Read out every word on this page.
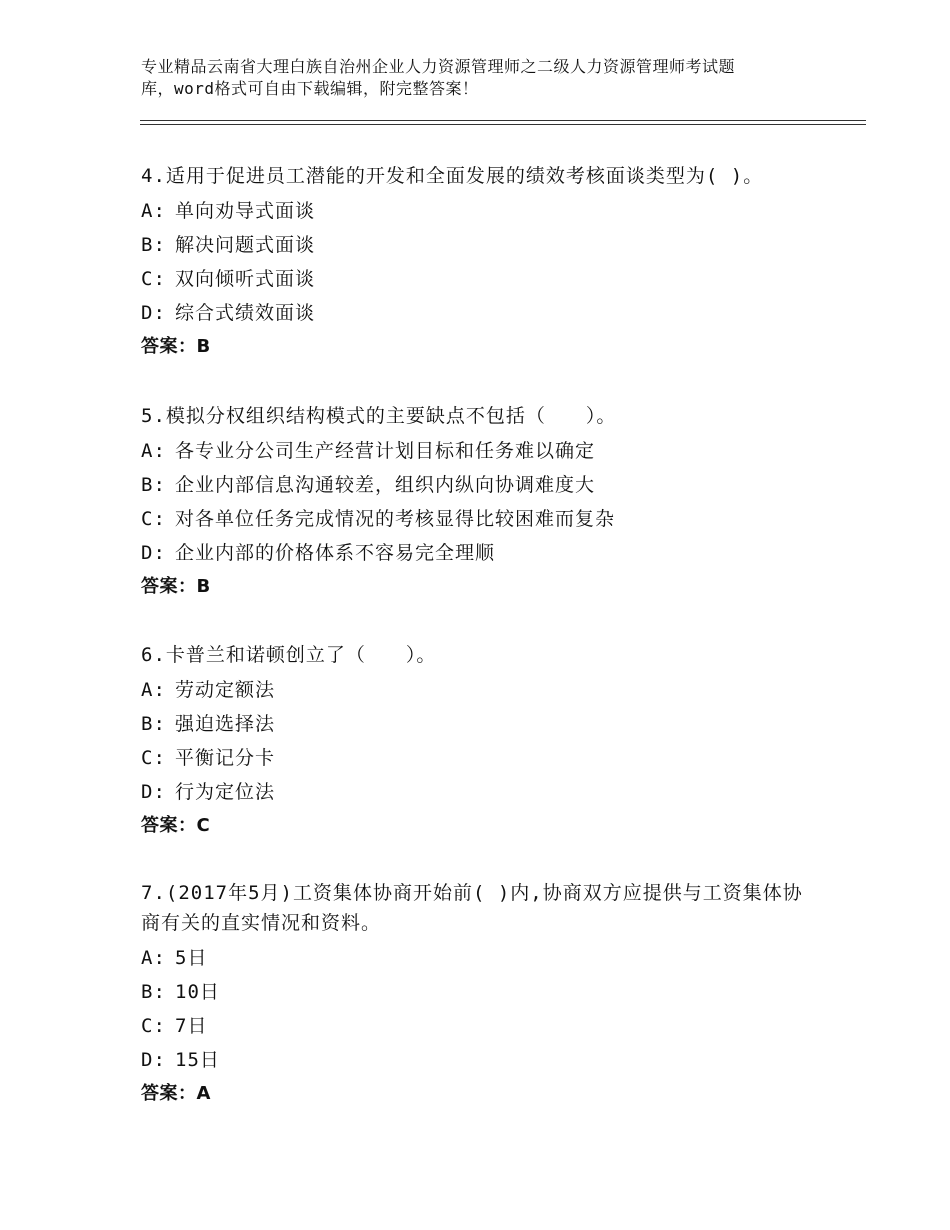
专业精品云南省大理白族自治州企业人力资源管理师之二级人力资源管理师考试题
库，word格式可自由下载编辑，附完整答案！
4.适用于促进员工潜能的开发和全面发展的绩效考核面谈类型为( )。
A: 单向劝导式面谈
B: 解决问题式面谈
C: 双向倾听式面谈
D: 综合式绩效面谈
答案：B
5.模拟分权组织结构模式的主要缺点不包括（　　）。
A: 各专业分公司生产经营计划目标和任务难以确定
B: 企业内部信息沟通较差，组织内纵向协调难度大
C: 对各单位任务完成情况的考核显得比较困难而复杂
D: 企业内部的价格体系不容易完全理顺
答案：B
6.卡普兰和诺顿创立了（　　）。
A: 劳动定额法
B: 强迫选择法
C: 平衡记分卡
D: 行为定位法
答案：C
7.(2017年5月)工资集体协商开始前( )内,协商双方应提供与工资集体协商有关的直实情况和资料。
A: 5日
B: 10日
C: 7日
D: 15日
答案：A
